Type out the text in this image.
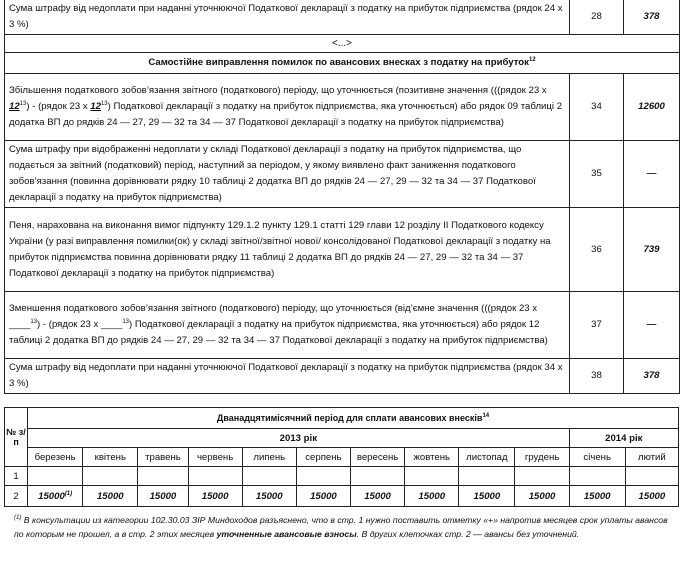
Сума штрафу від недоплати при наданні уточнюючої Податкової декларації з податку на прибуток підприємства (рядок 24 х 3 %)	28	378
<...>		
Самостійне виправлення помилок по авансових внесках з податку на прибуток$^{12}$
Збільшення податкового зобов’язання звітного (податкового) періоду, що уточнюється (позитивне значення (((рядок 23 х $12^{13}$) - (рядок 23 х $12^{13}$) Податкової декларації з податку на прибуток підприємства, яка уточнюється) або рядок 09 таблиці 2 додатка ВП до рядків 24 — 27, 29 — 32 та 34 — 37 Податкової декларації з податку на прибуток підприємства)	34	12600
Сума штрафу при відображенні недоплати у складі Податкової декларації з податку на прибуток підприємства, що подається за звітний (податковий) період, наступний за періодом, у якому виявлено факт заниження податкового зобов’язання (повинна дорівнювати рядку 10 таблиці 2 додатка ВП до рядків 24 — 27, 29 — 32 та 34 — 37 Податкової декларації з податку на прибуток підприємства)	35	—
Пеня, нарахована на виконання вимог підпункту 129.1.2 пункту 129.1 статті 129 глави 12 розділу ІІ Податкового кодексу України (у разі виправлення помилки(ок) у складі звітної/звітної нової/ консолідованої Податкової декларації з податку на прибуток підприємства повинна дорівнювати рядку 11 таблиці 2 додатка ВП до рядків 24 — 27, 29 — 32 та 34 — 37 Податкової декларації з податку на прибуток підприємства)	36	739
Зменшення податкового зобов’язання звітного (податкового) періоду, що уточнюється (від’ємне значення (((рядок 23 х ____$^{13}$) - (рядок 23 х ____$^{13}$) Податкової декларації з податку на прибуток підприємства, яка уточнюється) або рядок 12 таблиці 2 додатка ВП до рядків 24 — 27, 29 — 32 та 34 — 37 Податкової декларації з податку на прибуток підприємства)	37	—
Сума штрафу від недоплати при наданні уточнюючої Податкової декларації з податку на прибуток підприємства (рядок 34 х 3 %)	38	378
№ з/п	Дванадцятимісячний період для сплати авансових внесків$^{14}$
	2013 рік										2014 рік	
	березень	квітень	травень	червень	липень	серпень	вересень	жовтень	листопад	грудень	січень	лютий
1												
2	15000$^{(1)}$	15000	15000	15000	15000	15000	15000	15000	15000	15000	15000	15000
$^{(1)}$ В консультации из категории 102.30.03 ЗІР Миндоходов разъяснено, что в стр. 1 нужно поставить отметку «+» напротив месяцев срок уплаты авансов по которым не прошел, а в стр. 2 этих месяцев уточненные авансовые взносы. В других клеточках стр. 2 — авансы без уточнений.
